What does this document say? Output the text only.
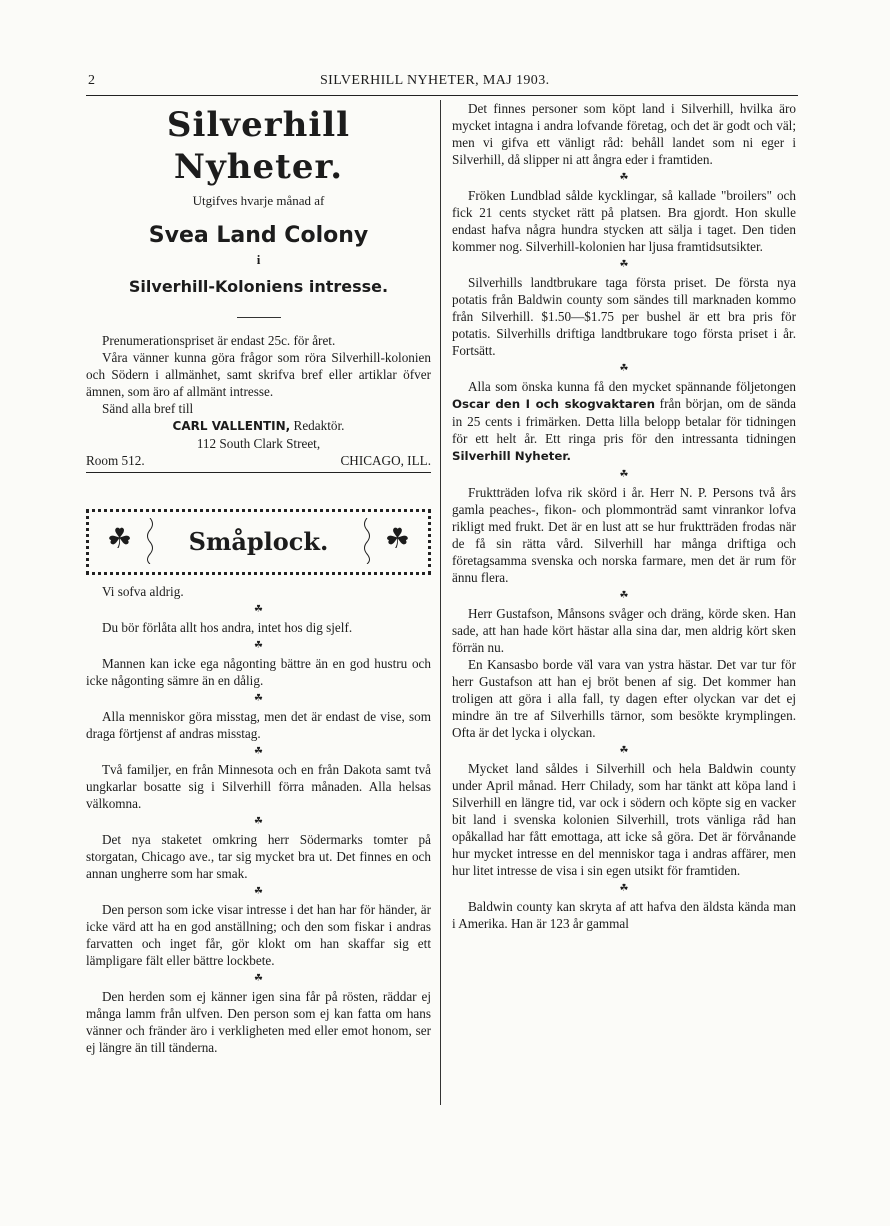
2	SILVERHILL NYHETER, MAJ 1903.
Silverhill Nyheter.
Utgifves hvarje månad af
Svea Land Colony
i
Silverhill-Koloniens intresse.

Prenumerationspriset är endast 25c. för året.

Våra vänner kunna göra frågor som röra Silverhill-kolonien och Södern i allmänhet, samt skrifva bref eller artiklar öfver ämnen, som äro af allmänt intresse.

Sänd alla bref till

CARL VALLENTIN, Redaktör.

112 South Clark Street,

Room 512.	CHICAGO, ILL.

☘	Småplock.	☘

Vi sofva aldrig.

☘

Du bör förlåta allt hos andra, intet hos dig sjelf.

☘

Mannen kan icke ega någonting bättre än en god hustru och icke någonting sämre än en dålig.

☘

Alla menniskor göra misstag, men det är endast de vise, som draga förtjenst af andras misstag.

☘

Två familjer, en från Minnesota och en från Dakota samt två ungkarlar bosatte sig i Silverhill förra månaden. Alla helsas välkomna.

☘

Det nya staketet omkring herr Södermarks tomter på storgatan, Chicago ave., tar sig mycket bra ut. Det finnes en och annan ungherre som har smak.

☘

Den person som icke visar intresse i det han har för händer, är icke värd att ha en god anställning; och den som fiskar i andras farvatten och inget får, gör klokt om han skaffar sig ett lämpligare fält eller bättre lockbete.

☘

Den herden som ej känner igen sina får på rösten, räddar ej många lamm från ulfven. Den person som ej kan fatta om hans vänner och fränder äro i verkligheten med eller emot honom, ser ej längre än till tänderna.

Det finnes personer som köpt land i Silverhill, hvilka äro mycket intagna i andra lofvande företag, och det är godt och väl; men vi gifva ett vänligt råd: behåll landet som ni eger i Silverhill, då slipper ni att ångra eder i framtiden.

☘

Fröken Lundblad sålde kycklingar, så kallade "broilers" och fick 21 cents stycket rätt på platsen. Bra gjordt. Hon skulle endast hafva några hundra stycken att sälja i taget. Den tiden kommer nog. Silverhill-kolonien har ljusa framtidsutsikter.

☘

Silverhills landtbrukare taga första priset. De första nya potatis från Baldwin county som sändes till marknaden kommo från Silverhill. $1.50—$1.75 per bushel är ett bra pris för potatis. Silverhills driftiga landtbrukare togo första priset i år. Fortsätt.

☘

Alla som önska kunna få den mycket spännande följetongen Oscar den I och skogvaktaren från början, om de sända in 25 cents i frimärken. Detta lilla belopp betalar för tidningen för ett helt år. Ett ringa pris för den intressanta tidningen Silverhill Nyheter.

☘

Fruktträden lofva rik skörd i år. Herr N. P. Persons två års gamla peaches-, fikon- och plommonträd samt vinrankor lofva rikligt med frukt. Det är en lust att se hur fruktträden frodas när de få sin rätta vård. Silverhill har många driftiga och företagsamma svenska och norska farmare, men det är rum för ännu flera.

☘

Herr Gustafson, Månsons svåger och dräng, körde sken. Han sade, att han hade kört hästar alla sina dar, men aldrig kört sken förrän nu.

En Kansasbo borde vä̈l vara van ystra hästar. Det var tur för herr Gustafson att han ej bröt benen af sig. Det kommer han troligen att göra i alla fall, ty dagen efter olyckan var det ej mindre än tre af Silverhills tärnor, som besökte krymplingen. Ofta är det lycka i olyckan.

☘

Mycket land såldes i Silverhill och hela Baldwin county under April månad. Herr Chilady, som har tänkt att köpa land i Silverhill en längre tid, var ock i södern och köpte sig en vacker bit land i svenska kolonien Silverhill, trots vänliga råd han opåkallad har fått emottaga, att icke så göra. Det är förvånande hur mycket intresse en del menniskor taga i andras affärer, men hur litet intresse de visa i sin egen utsikt för framtiden.

☘

Baldwin county kan skryta af att hafva den äldsta kända man i Amerika. Han är 123 år gammal
